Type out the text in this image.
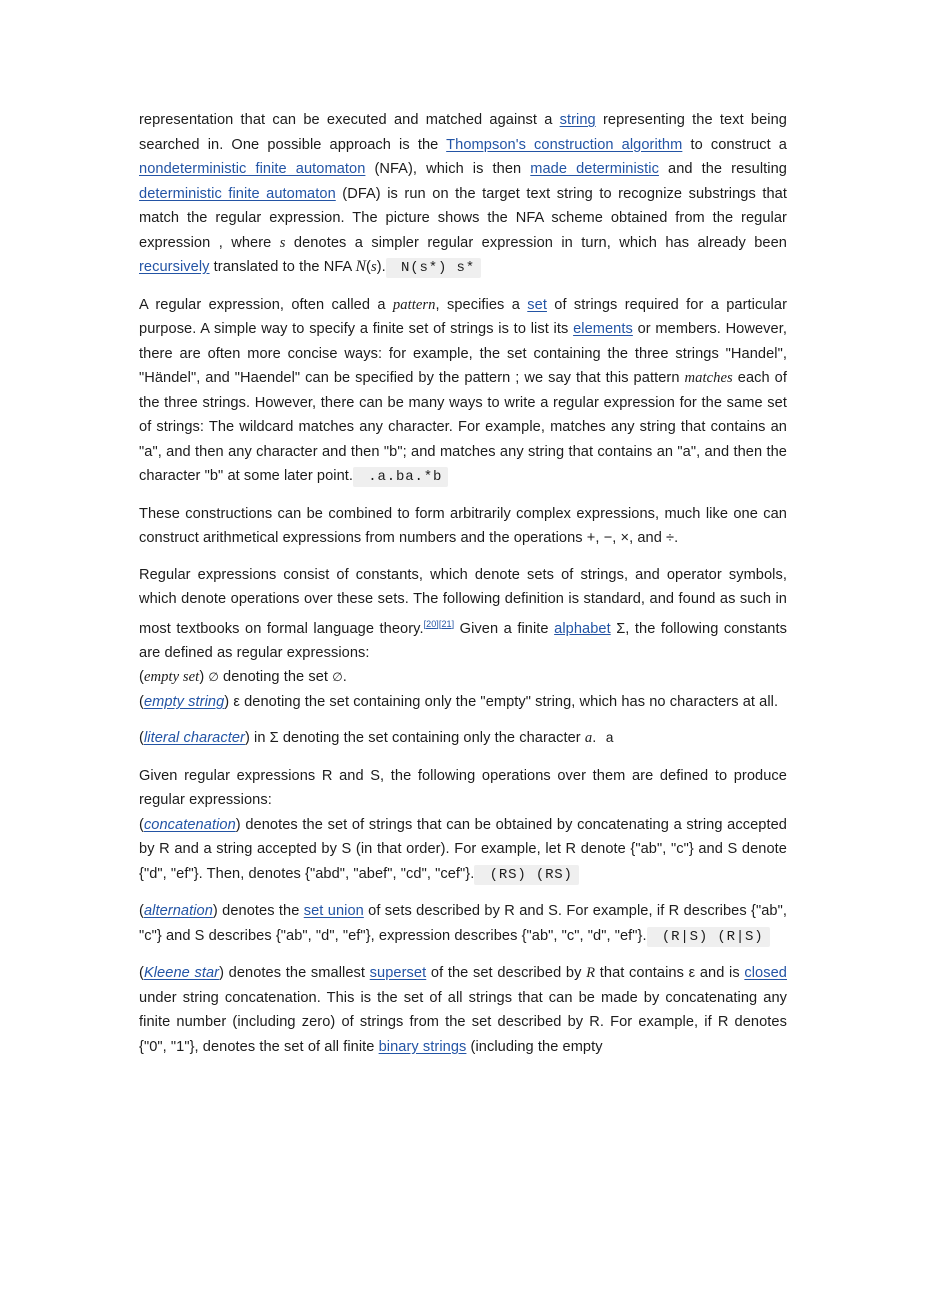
representation that can be executed and matched against a string representing the text being searched in. One possible approach is the Thompson's construction algorithm to construct a nondeterministic finite automaton (NFA), which is then made deterministic and the resulting deterministic finite automaton (DFA) is run on the target text string to recognize substrings that match the regular expression. The picture shows the NFA scheme obtained from the regular expression , where s denotes a simpler regular expression in turn, which has already been recursively translated to the NFA N(s). N(s*) s*
A regular expression, often called a pattern, specifies a set of strings required for a particular purpose. A simple way to specify a finite set of strings is to list its elements or members. However, there are often more concise ways: for example, the set containing the three strings "Handel", "Händel", and "Haendel" can be specified by the pattern ; we say that this pattern matches each of the three strings. However, there can be many ways to write a regular expression for the same set of strings: The wildcard matches any character. For example, matches any string that contains an "a", and then any character and then "b"; and matches any string that contains an "a", and then the character "b" at some later point. .a.ba.*b
These constructions can be combined to form arbitrarily complex expressions, much like one can construct arithmetical expressions from numbers and the operations +, −, ×, and ÷.
Regular expressions consist of constants, which denote sets of strings, and operator symbols, which denote operations over these sets. The following definition is standard, and found as such in most textbooks on formal language theory.[20][21] Given a finite alphabet Σ, the following constants are defined as regular expressions:
(empty set) ∅ denoting the set ∅.
(empty string) ε denoting the set containing only the "empty" string, which has no characters at all.
(literal character) in Σ denoting the set containing only the character a. a
Given regular expressions R and S, the following operations over them are defined to produce regular expressions:
(concatenation) denotes the set of strings that can be obtained by concatenating a string accepted by R and a string accepted by S (in that order). For example, let R denote {"ab", "c"} and S denote {"d", "ef"}. Then, denotes {"abd", "abef", "cd", "cef"}. (RS) (RS)
(alternation) denotes the set union of sets described by R and S. For example, if R describes {"ab", "c"} and S describes {"ab", "d", "ef"}, expression describes {"ab", "c", "d", "ef"}. (R|S) (R|S)
(Kleene star) denotes the smallest superset of the set described by R that contains ε and is closed under string concatenation. This is the set of all strings that can be made by concatenating any finite number (including zero) of strings from the set described by R. For example, if R denotes {"0", "1"}, denotes the set of all finite binary strings (including the empty
